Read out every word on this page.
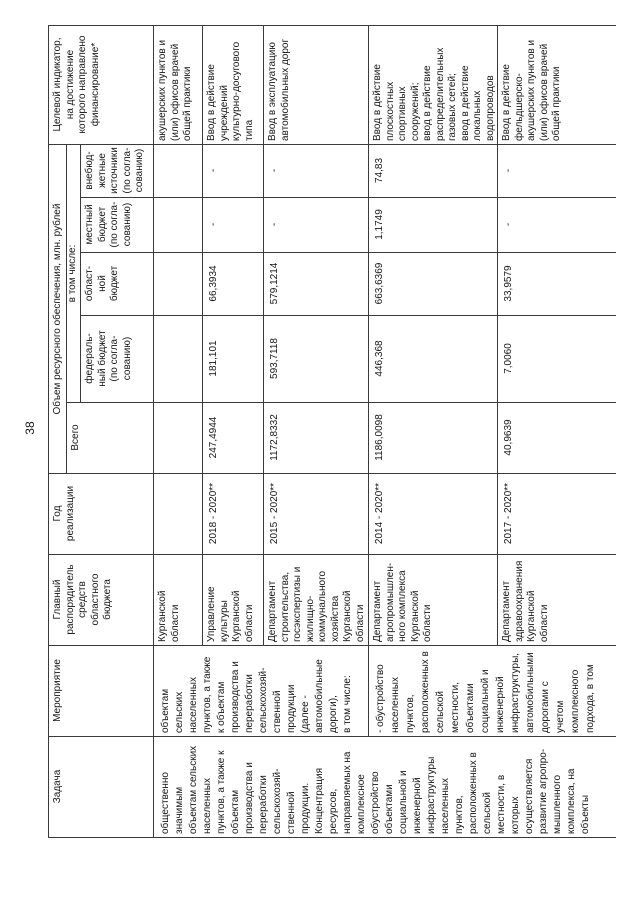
38
Задача
Мероприятие
Главный
распорядитель
средств
областного
бюджета
Год
реализации
Объем ресурсного обеспечения, млн. рублей
Всего
в том числе:
федераль-
ный бюджет
(по согла-
сованию)
област-
ной
бюджет
местный
бюджет
(по согла-
сованию)
внебюд-
жетные
источники
(по согла-
сованию)
Целевой индикатор,
на достижение
которого направлено
финансирование*
общественно
значимым
объектам сельских
населенных
пунктов, а также к
объектам
производства и
переработки
сельскохозяй-
ственной
продукции.
Концентрация
ресурсов,
направляемых на
комплексное
обустройство
объектами
социальной и
инженерной
инфраструктуры
населенных
пунктов,
расположенных в
сельской
местности, в
которых
осуществляется
развитие агропро-
мышленного
комплекса, на
объекты
объектам
сельских
населенных
пунктов, а также
к объектам
производства и
переработки
сельскохозяй-
ственной
продукции
(далее -
автомобильные
дороги),
в том числе:
- обустройство
населенных
пунктов,
расположенных в
сельской
местности,
объектами
социальной и
инженерной
инфраструктуры,
автомобильными
дорогами с
учетом
комплексного
подхода, в том
Курганской
области
акушерских пунктов и
(или) офисов врачей
общей практики
Управление
культуры
Курганской
области
2018 - 2020**
247,4944
181,101
66,3934
-
-
Ввод в действие
учреждений
культурно-досугового
типа
Департамент
строительства,
госэкспертизы и
жилищно-
коммунального
хозяйства
Курганской
области
2015 - 2020**
1172,8332
593,7118
579,1214
-
-
Ввод в эксплуатацию
автомобильных дорог
Департамент
агропромышлен-
ного комплекса
Курганской
области
2014 - 2020**
1186,0098
446,368
663,6369
1,1749
74,83
Ввод в действие
плоскостных
спортивных
сооружений;
ввод в действие
распределительных
газовых сетей;
ввод в действие
локальных
водопроводов
Департамент
здравоохранения
Курганской
области
2017 - 2020**
40,9639
7,0060
33,9579
-
-
Ввод в действие
фельдшерско-
акушерских пунктов и
(или) офисов врачей
общей практики
